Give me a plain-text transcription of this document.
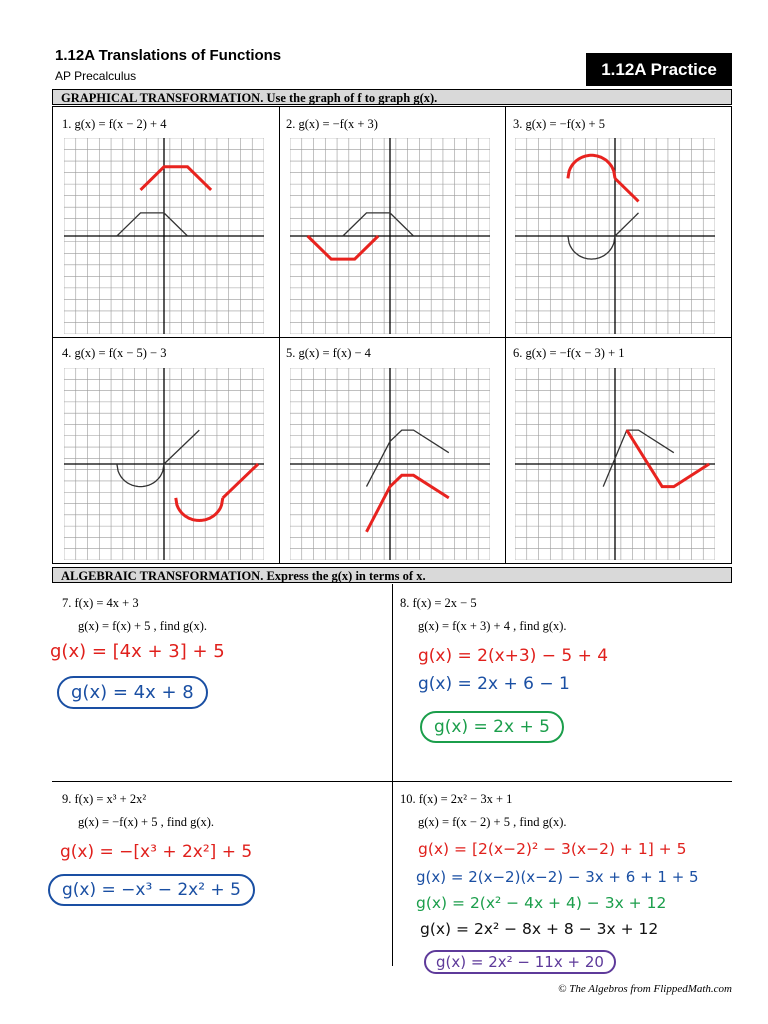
1.12A Translations of Functions
AP Precalculus	1.12A Practice
GRAPHICAL TRANSFORMATION. Use the graph of f to graph g(x).
1. g(x) = f(x − 2) + 4	2. g(x) = −f(x + 3)	3. g(x) = −f(x) + 5
4. g(x) = f(x − 5) − 3	5. g(x) = f(x) − 4	6. g(x) = −f(x − 3) + 1
ALGEBRAIC TRANSFORMATION. Express the g(x) in terms of x.
7. f(x) = 4x + 3
g(x) = f(x) + 5 , find g(x).
g(x) = [4x + 3] + 5
g(x) = 4x + 8
8. f(x) = 2x − 5
g(x) = f(x + 3) + 4 , find g(x).
g(x) = 2(x+3) − 5 + 4
g(x) = 2x + 6 − 1
g(x) = 2x + 5
9. f(x) = x³ + 2x²
g(x) = −f(x) + 5 , find g(x).
g(x) = −[x³ + 2x²] + 5
g(x) = −x³ − 2x² + 5
10. f(x) = 2x² − 3x + 1
g(x) = f(x − 2) + 5 , find g(x).
g(x) = [2(x−2)² − 3(x−2) + 1] + 5
g(x) = 2(x−2)(x−2) − 3x + 6 + 1 + 5
g(x) = 2(x² − 4x + 4) − 3x + 12
g(x) = 2x² − 8x + 8 − 3x + 12
g(x) = 2x² − 11x + 20
© The Algebros from FlippedMath.com
